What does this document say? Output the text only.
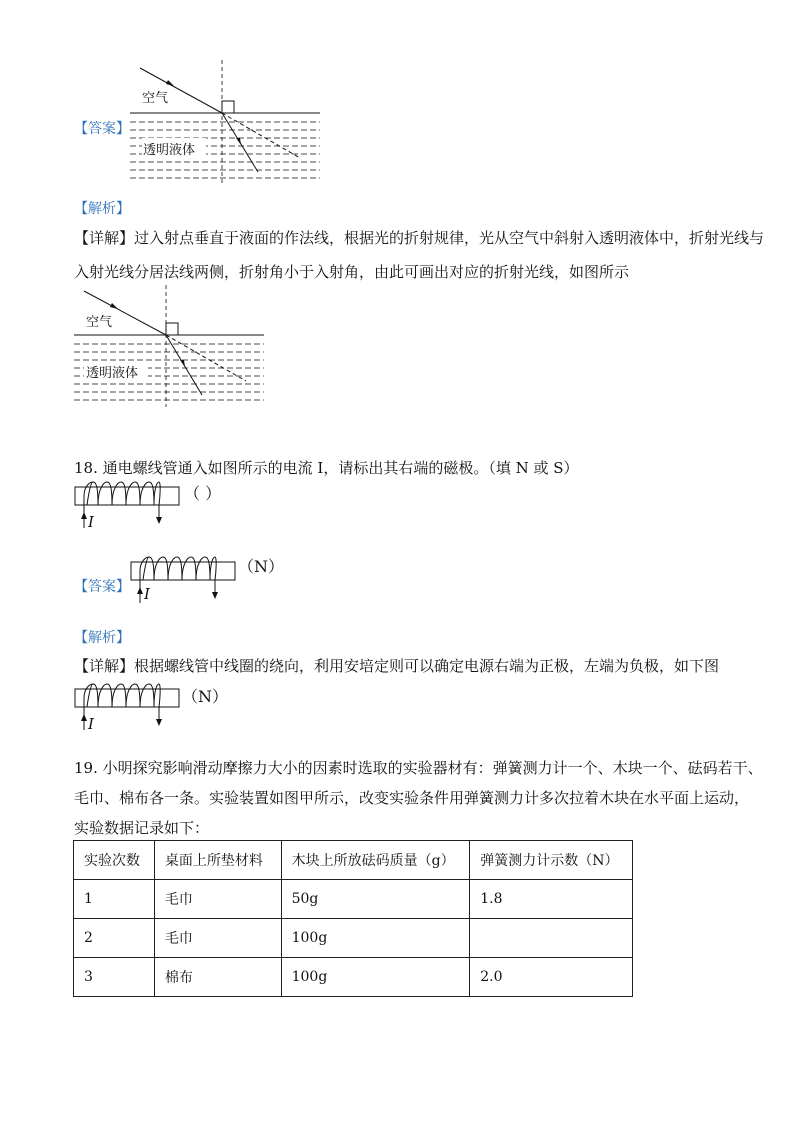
空气
透明液体
【答案】
【解析】
【详解】过入射点垂直于液面的作法线，根据光的折射规律，光从空气中斜射入透明液体中，折射光线与
入射光线分居法线两侧，折射角小于入射角，由此可画出对应的折射光线，如图所示
空气
透明液体
18. 通电螺线管通入如图所示的电流 I，请标出其右端的磁极。（填 N 或 S）
I
（ ）
【答案】 I
（N）
【解析】
【详解】根据螺线管中线圈的绕向，利用安培定则可以确定电源右端为正极，左端为负极，如下图
I
（N）
19. 小明探究影响滑动摩擦力大小的因素时选取的实验器材有：弹簧测力计一个、木块一个、砝码若干、
毛巾、棉布各一条。实验装置如图甲所示，改变实验条件用弹簧测力计多次拉着木块在水平面上运动，
实验数据记录如下：
实验次数	桌面上所垫材料	木块上所放砝码质量（g）	弹簧测力计示数（N）
1	毛巾	50g	1.8
2	毛巾	100g	
3	棉布	100g	2.0
